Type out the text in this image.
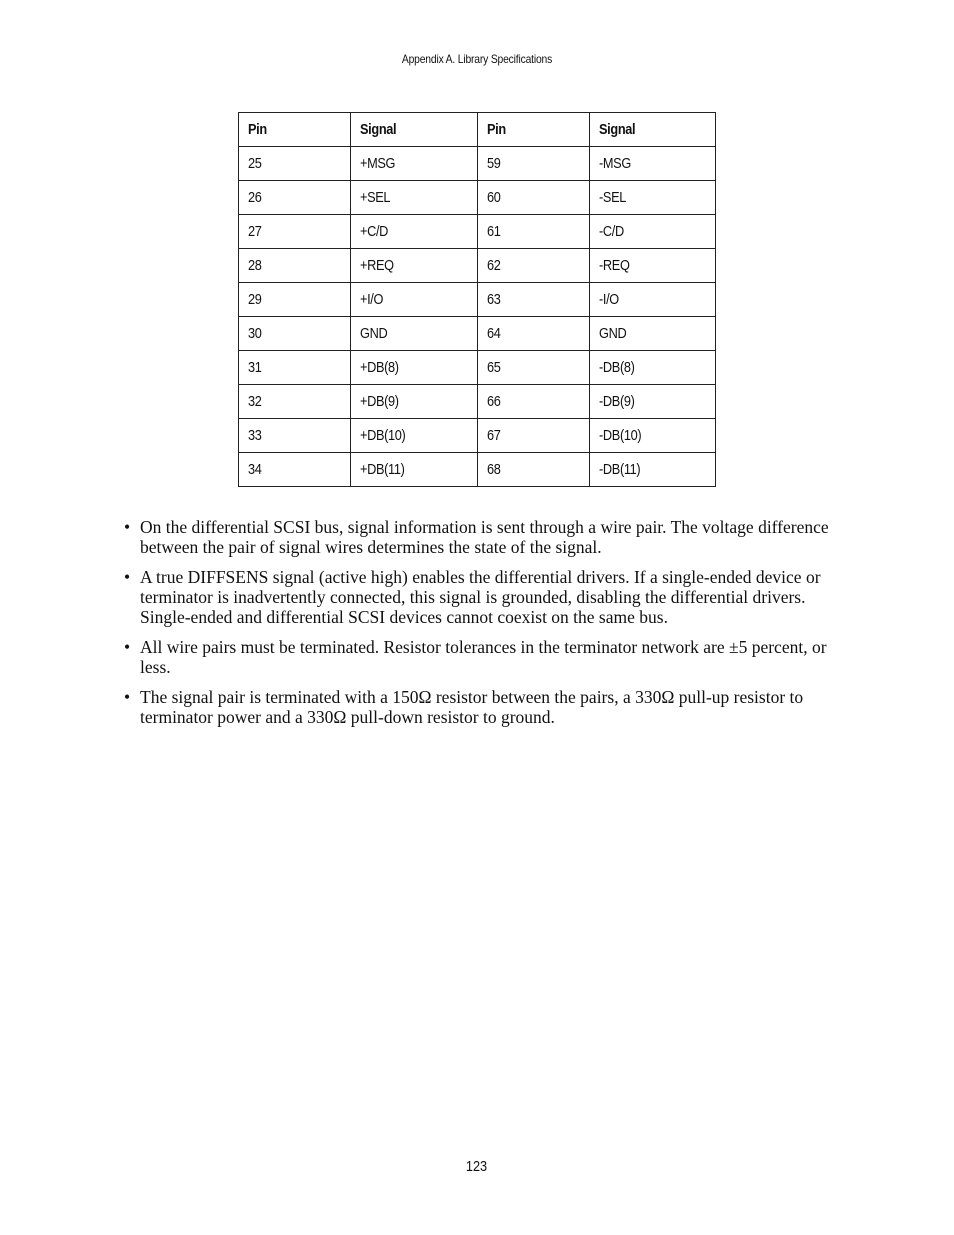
Appendix A. Library Specifications
Pin	Signal	Pin	Signal
25	+MSG	59	-MSG
26	+SEL	60	-SEL
27	+C/D	61	-C/D
28	+REQ	62	-REQ
29	+I/O	63	-I/O
30	GND	64	GND
31	+DB(8)	65	-DB(8)
32	+DB(9)	66	-DB(9)
33	+DB(10)	67	-DB(10)
34	+DB(11)	68	-DB(11)
• On the differential SCSI bus, signal information is sent through a wire pair. The voltage difference between the pair of signal wires determines the state of the signal.
• A true DIFFSENS signal (active high) enables the differential drivers. If a single-ended device or terminator is inadvertently connected, this signal is grounded, disabling the differential drivers. Single-ended and differential SCSI devices cannot coexist on the same bus.
• All wire pairs must be terminated. Resistor tolerances in the terminator network are ±5 percent, or less.
• The signal pair is terminated with a 150Ω resistor between the pairs, a 330Ω pull-up resistor to terminator power and a 330Ω pull-down resistor to ground.
123
